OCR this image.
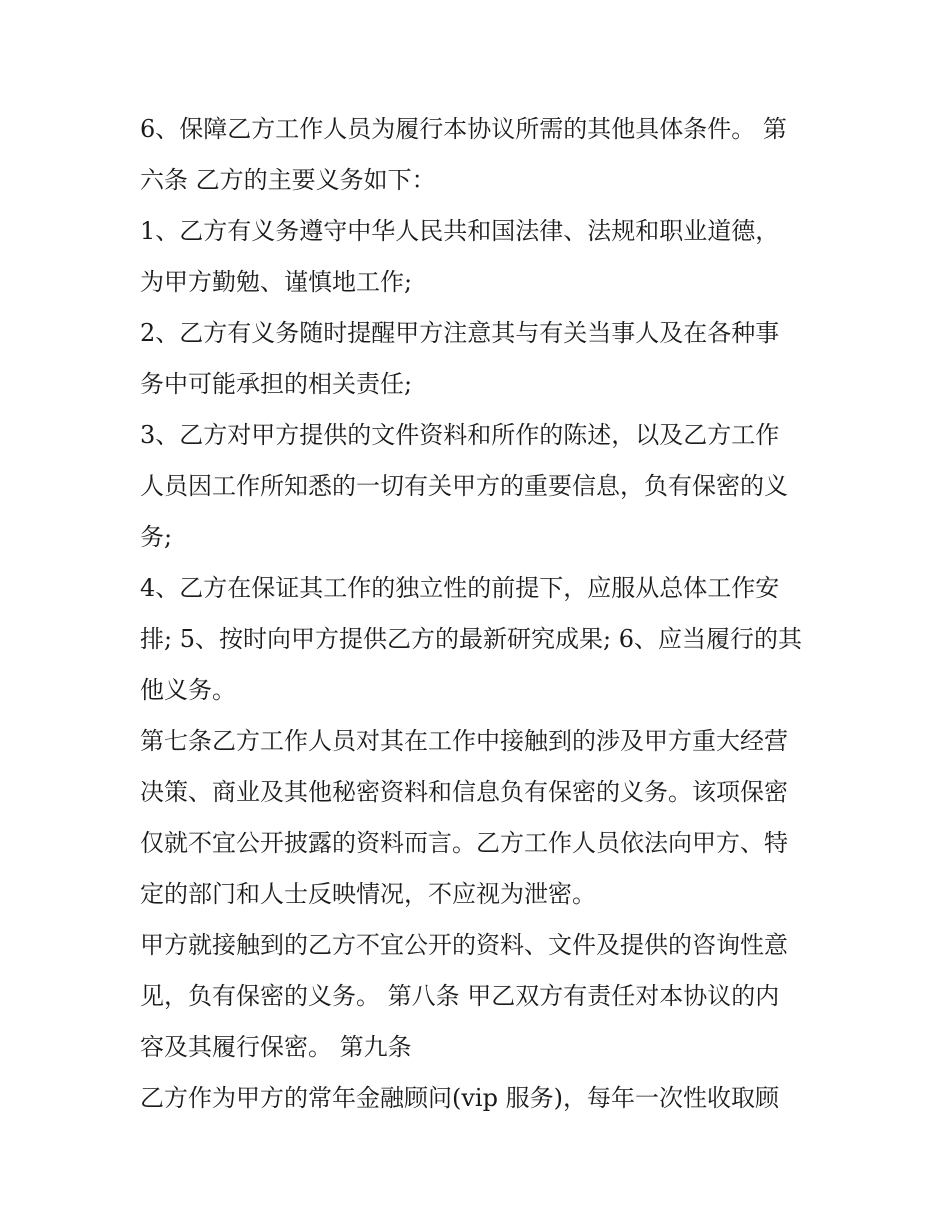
6、保障乙方工作人员为履行本协议所需的其他具体条件。 第
六条 乙方的主要义务如下：
1、乙方有义务遵守中华人民共和国法律、法规和职业道德，
为甲方勤勉、谨慎地工作;
2、乙方有义务随时提醒甲方注意其与有关当事人及在各种事
务中可能承担的相关责任;
3、乙方对甲方提供的文件资料和所作的陈述，以及乙方工作
人员因工作所知悉的一切有关甲方的重要信息，负有保密的义
务;
4、乙方在保证其工作的独立性的前提下，应服从总体工作安
排; 5、按时向甲方提供乙方的最新研究成果; 6、应当履行的其
他义务。
第七条乙方工作人员对其在工作中接触到的涉及甲方重大经营
决策、商业及其他秘密资料和信息负有保密的义务。该项保密
仅就不宜公开披露的资料而言。乙方工作人员依法向甲方、特
定的部门和人士反映情况，不应视为泄密。
甲方就接触到的乙方不宜公开的资料、文件及提供的咨询性意
见，负有保密的义务。 第八条 甲乙双方有责任对本协议的内
容及其履行保密。 第九条
乙方作为甲方的常年金融顾问(vip 服务)，每年一次性收取顾
